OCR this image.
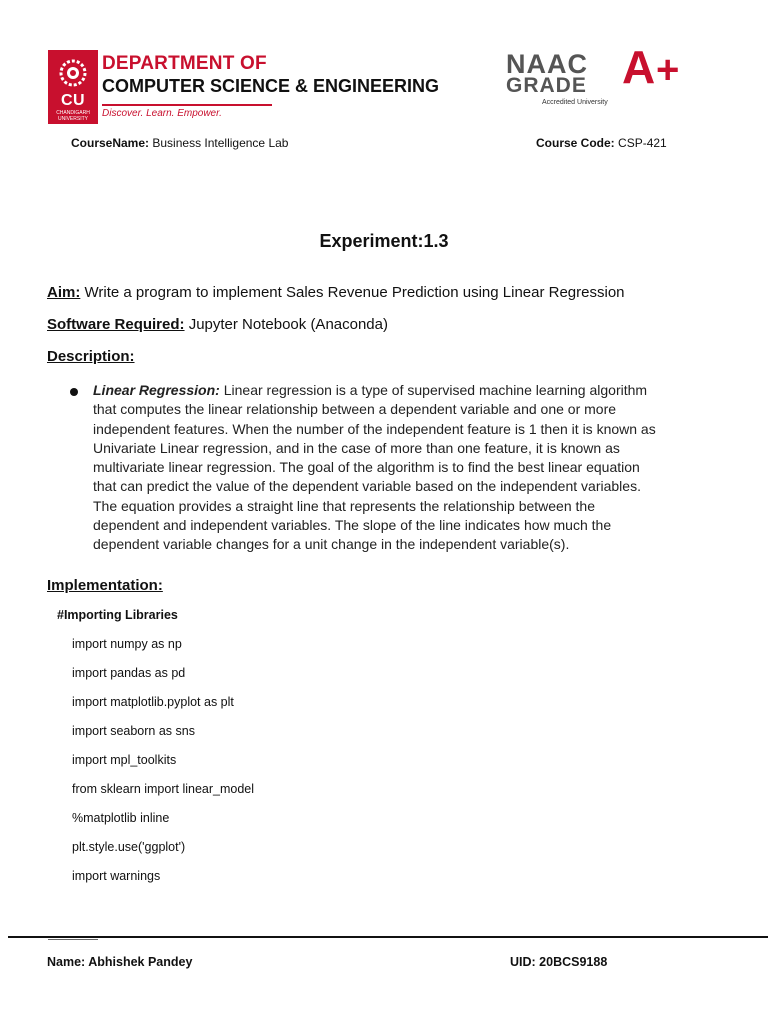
CU
CHANDIGARH UNIVERSITY
DEPARTMENT OF
COMPUTER SCIENCE & ENGINEERING
Discover. Learn. Empower.
NAAC
GRADE A +
Accredited University
CourseName: Business Intelligence Lab	Course Code: CSP-421
Experiment:1.3
Aim: Write a program to implement Sales Revenue Prediction using Linear Regression
Software Required: Jupyter Notebook (Anaconda)
Description:
Linear Regression: Linear regression is a type of supervised machine learning algorithm
that computes the linear relationship between a dependent variable and one or more
independent features. When the number of the independent feature is 1 then it is known as
Univariate Linear regression, and in the case of more than one feature, it is known as
multivariate linear regression. The goal of the algorithm is to find the best linear equation
that can predict the value of the dependent variable based on the independent variables.
The equation provides a straight line that represents the relationship between the
dependent and independent variables. The slope of the line indicates how much the
dependent variable changes for a unit change in the independent variable(s).
Implementation:
#Importing Libraries
import numpy as np
import pandas as pd
import matplotlib.pyplot as plt
import seaborn as sns
import mpl_toolkits
from sklearn import linear_model
%matplotlib inline
plt.style.use('ggplot')
import warnings
Name: Abhishek Pandey	UID: 20BCS9188
